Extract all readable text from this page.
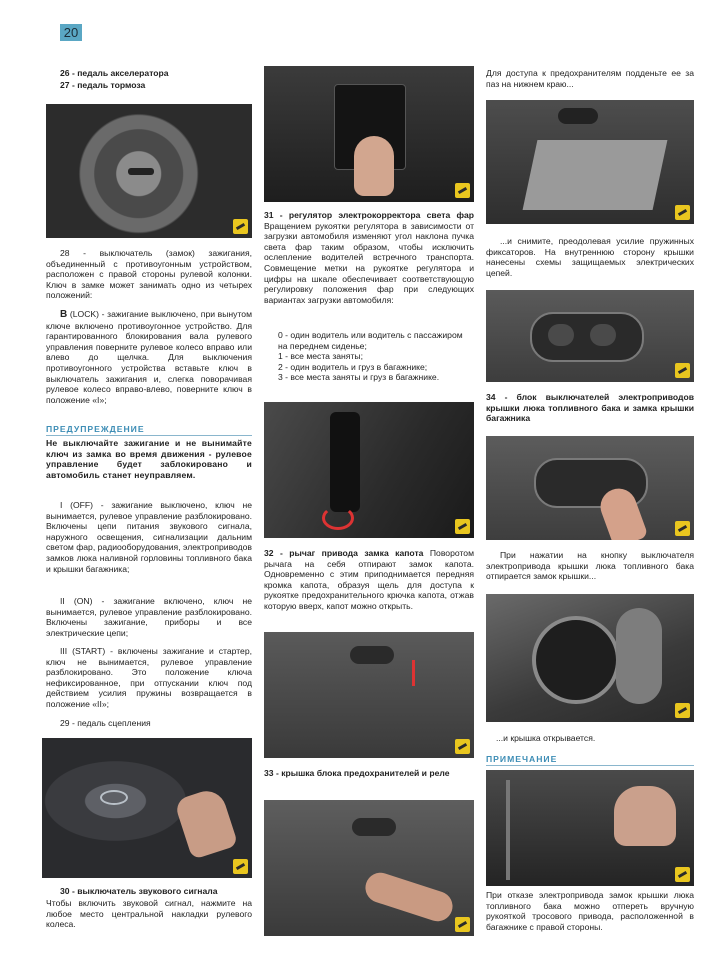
20
26 - педаль акселератора
27 - педаль тормоза
28 - выключатель (замок) зажигания, объединенный с противоугонным устройством, расположен с правой стороны рулевой колонки. Ключ в замке может занимать одно из четырех положений:
B (LOCK) - зажигание выключено, при вынутом ключе включено противоугонное устройство. Для гарантированного блокирования вала рулевого управления поверните рулевое колесо вправо или влево до щелчка. Для выключения противоугонного устройства вставьте ключ в выключатель зажигания и, слегка поворачивая рулевое колесо вправо-влево, поверните ключ в положение «I»;
ПРЕДУПРЕЖДЕНИЕ
Не выключайте зажигание и не вынимайте ключ из замка во время движения - рулевое управление будет заблокировано и автомобиль станет неуправляем.
I (OFF) - зажигание выключено, ключ не вынимается, рулевое управление разблокировано. Включены цепи питания звукового сигнала, наружного освещения, сигнализации дальним светом фар, радиооборудования, электроприводов замков люка наливной горловины топливного бака и крышки багажника;
II (ON) - зажигание включено, ключ не вынимается, рулевое управление разблокировано. Включены зажигание, приборы и все электрические цепи;
III (START) - включены зажигание и стартер, ключ не вынимается, рулевое управление разблокировано. Это положение ключа нефиксированное, при отпускании ключ под действием усилия пружины возвращается в положение «II»;
29 - педаль сцепления
30 - выключатель звукового сигнала
Чтобы включить звуковой сигнал, нажмите на любое место центральной накладки рулевого колеса.
31 - регулятор электрокорректора света фар Вращением рукоятки регулятора в зависимости от загрузки автомобиля изменяют угол наклона пучка света фар таким образом, чтобы исключить ослепление водителей встречного транспорта. Совмещение метки на рукоятке регулятора и цифры на шкале обеспечивает соответствующую регулировку положения фар при следующих вариантах загрузки автомобиля:

0 - один водитель или водитель с пассажиром на переднем сиденье;

1 - все места заняты;

2 - один водитель и груз в багажнике;

3 - все места заняты и груз в багажнике.

32 - рычаг привода замка капота Поворотом рычага на себя отпирают замок капота. Одновременно с этим приподнимается передняя кромка капота, образуя щель для доступа к рукоятке предохранительного крючка капота, отжав которую вверх, капот можно открыть.
33 - крышка блока предохранителей и реле
Для доступа к предохранителям подденьте ее за паз на нижнем краю...
...и снимите, преодолевая усилие пружинных фиксаторов. На внутреннюю сторону крышки нанесены схемы защищаемых электрических цепей.
34 - блок выключателей электроприводов крышки люка топливного бака и замка крышки багажника
При нажатии на кнопку выключателя электропривода крышки люка топливного бака отпирается замок крышки...
...и крышка открывается.
ПРИМЕЧАНИЕ
При отказе электропривода замок крышки люка топливного бака можно отпереть вручную рукояткой тросового привода, расположенной в багажнике с правой стороны.
